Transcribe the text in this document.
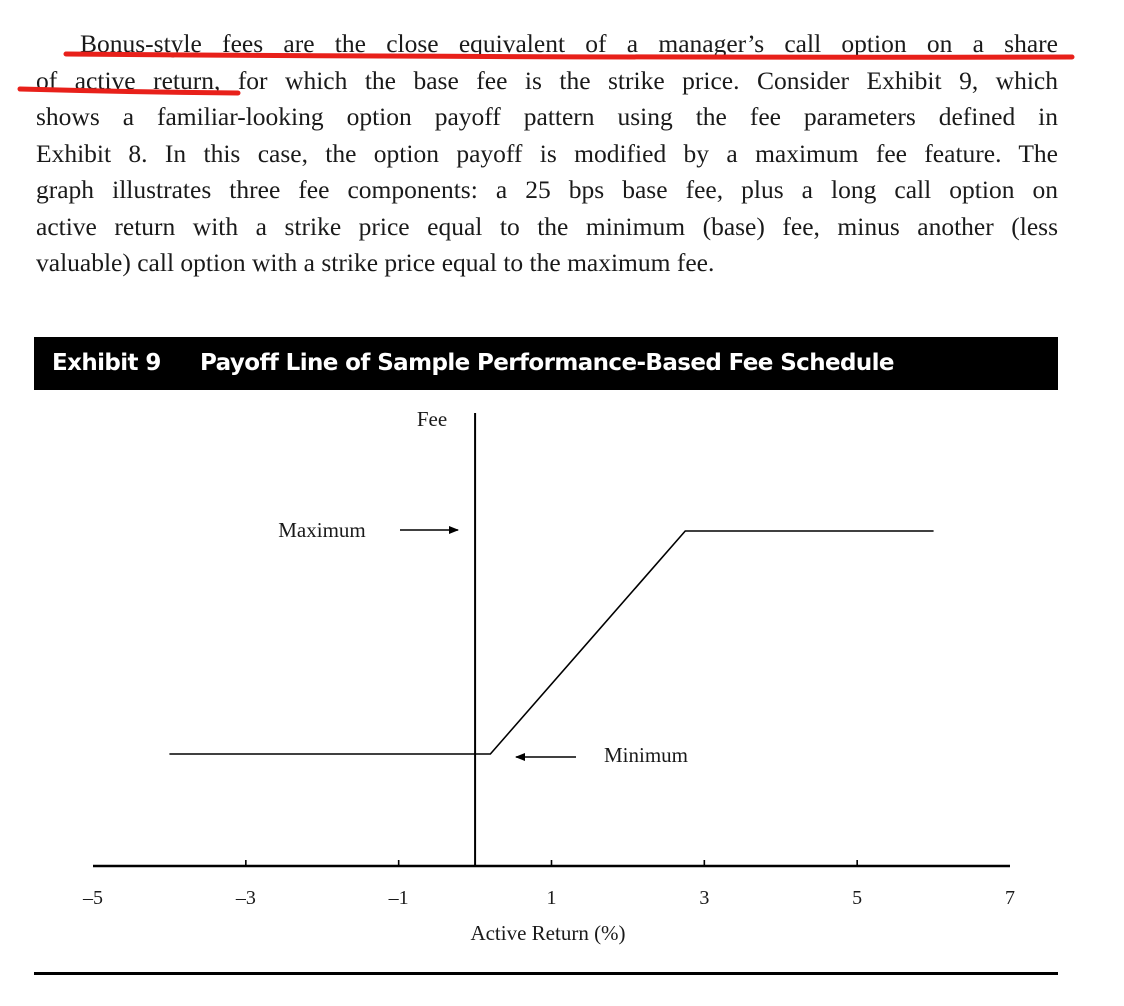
Bonus-style fees are the close equivalent of a manager’s call option on a share
of active return, for which the base fee is the strike price. Consider Exhibit 9, which
shows a familiar-looking option payoff pattern using the fee parameters defined in
Exhibit 8. In this case, the option payoff is modified by a maximum fee feature. The
graph illustrates three fee components: a 25 bps base fee, plus a long call option on
active return with a strike price equal to the minimum (base) fee, minus another (less
valuable) call option with a strike price equal to the maximum fee.
Exhibit 9 Payoff Line of Sample Performance-Based Fee Schedule
–5	–3	–1	1	3	5	7
Fee
Active Return (%)
Maximum
Minimum
